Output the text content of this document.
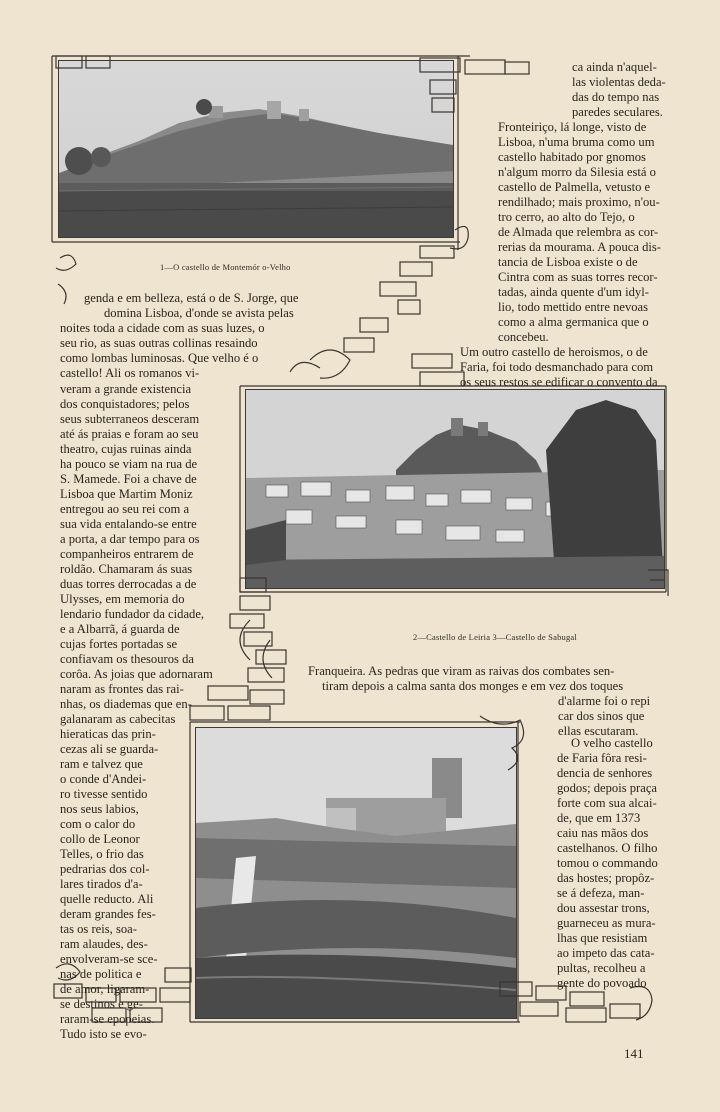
1—O castello de Montemór o-Velho
2—Castello de Leiria 3—Castello de Sabugal
ca ainda n'aquel-
las violentas deda-
das do tempo nas
paredes seculares.
Fronteiriço, lá longe, visto de
Lisboa, n'uma bruma como um
castello habitado por gnomos
n'algum morro da Silesia está o
castello de Palmella, vetusto e
rendilhado; mais proximo, n'ou-
tro cerro, ao alto do Tejo, o
de Almada que relembra as cor-
rerias da mourama. A pouca dis-
tancia de Lisboa existe o de
Cintra com as suas torres recor-
tadas, ainda quente d'um idyl-
lio, todo mettido entre nevoas
como a alma germanica que o
concebeu.
Um outro castello de heroismos, o de
Faria, foi todo desmanchado para com
os seus restos se edificar o convento da
genda e em belleza, está o de S. Jorge, que
domina Lisboa, d'onde se avista pelas
noites toda a cidade com as suas luzes, o
seu rio, as suas outras collinas resaindo
como lombas luminosas. Que velho é o
castello! Ali os romanos vi-
veram a grande existencia
dos conquistadores; pelos
seus subterraneos desceram
até ás praias e foram ao seu
theatro, cujas ruinas ainda
ha pouco se viam na rua de
S. Mamede. Foi a chave de
Lisboa que Martim Moniz
entregou ao seu rei com a
sua vida entalando-se entre
a porta, a dar tempo para os
companheiros entrarem de
roldão. Chamaram ás suas
duas torres derrocadas a de
Ulysses, em memoria do
lendario fundador da cidade,
e a Albarrã, á guarda de
cujas fortes portadas se
confiavam os thesouros da
corôa. As joias que adornaram
naram as frontes das rai-
nhas, os diademas que en-
galanaram as cabecitas
hieraticas das prin-
cezas ali se guarda-
ram e talvez que
o conde d'Andei-
ro tivesse sentido
nos seus labios,
com o calor do
collo de Leonor
Telles, o frio das
pedrarias dos col-
lares tirados d'a-
quelle reducto. Ali
deram grandes fes-
tas os reis, soa-
ram alaudes, des-
envolveram-se sce-
nas de politica e
de amor, ligaram-
se destinos e ge-
raram-se epopeias.
Tudo isto se evo-
Franqueira. As pedras que viram as raivas dos combates sen-
tiram depois a calma santa dos monges e em vez dos toques
d'alarme foi o repi
car dos sinos que
ellas escutaram.
O velho castello
de Faria fôra resi-
dencia de senhores
godos; depois praça
forte com sua alcai-
de, que em 1373
caiu nas mãos dos
castelhanos. O filho
tomou o commando
das hostes; propôz-
se á defeza, man-
dou assestar trons,
guarneceu as mura-
lhas que resistiam
ao impeto das cata-
pultas, recolheu a
gente do povoado
141
